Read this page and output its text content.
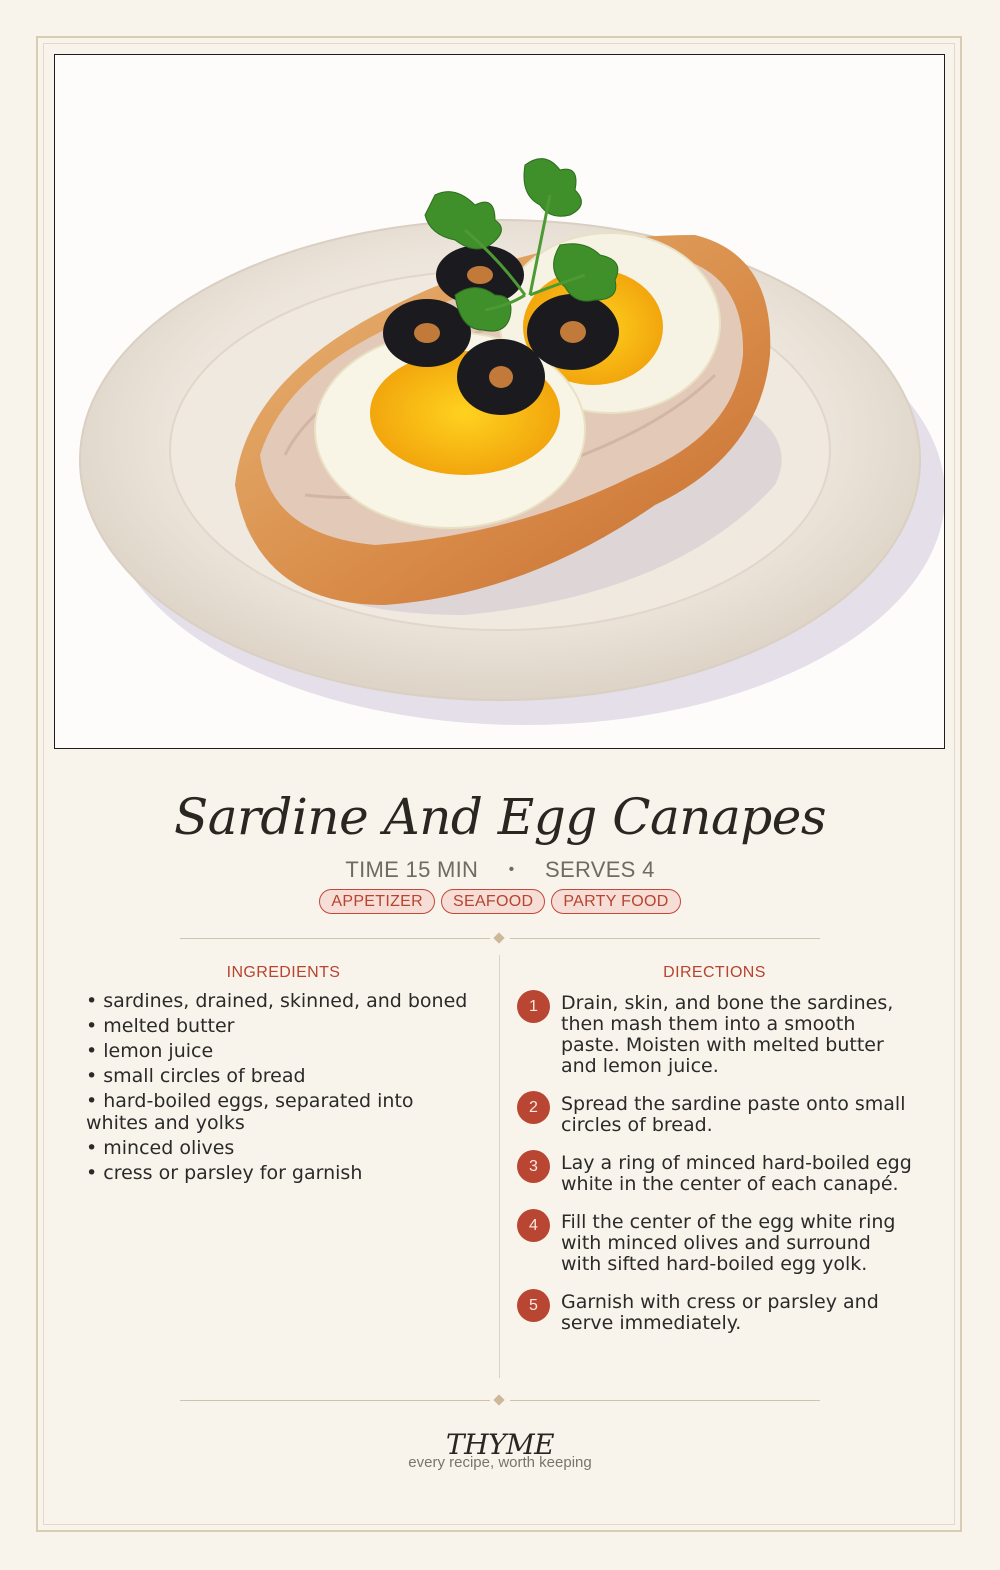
Sardine And Egg Canapes
TIME 15 MIN • SERVES 4
APPETIZER SEAFOOD PARTY FOOD
INGREDIENTS	DIRECTIONS
• sardines, drained, skinned, and boned
• melted butter
• lemon juice
• small circles of bread
• hard-boiled eggs, separated into whites and yolks
• minced olives
• cress or parsley for garnish
1	Drain, skin, and bone the sardines, then mash them into a smooth paste. Moisten with melted butter and lemon juice.
2	Spread the sardine paste onto small circles of bread.
3	Lay a ring of minced hard-boiled egg white in the center of each canapé.
4	Fill the center of the egg white ring with minced olives and surround with sifted hard-boiled egg yolk.
5	Garnish with cress or parsley and serve immediately.
THYME
every recipe, worth keeping
